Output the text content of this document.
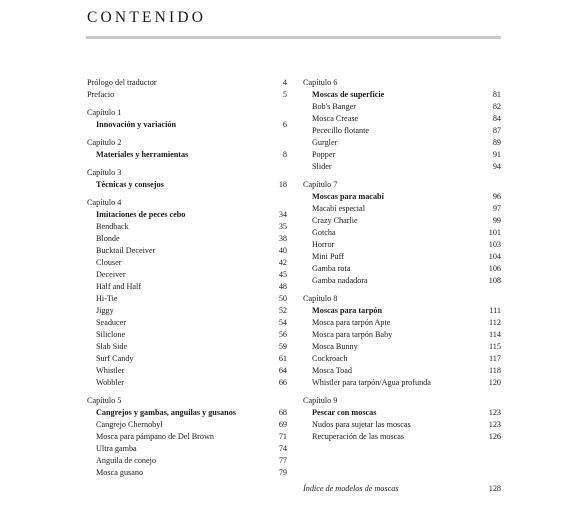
CONTENIDO
Prólogo del traductor	4
Prefacio	5
Capítulo 1
Innovación y variación	6
Capítulo 2
Materiales y herramientas	8
Capítulo 3
Técnicas y consejos	18
Capítulo 4
Imitaciones de peces cebo	34
Bendback	35
Blonde	38
Bucktail Deceiver	40
Clouser	42
Deceiver	45
Half and Half	48
Hi-Tie	50
Jiggy	52
Seaducer	54
Siliclone	56
Slab Side	59
Surf Candy	61
Whistler	64
Wobbler	66
Capítulo 5
Cangrejos y gambas, anguilas y gusanos	68
Cangrejo Chernobyl	69
Mosca para pámpano de Del Brown	71
Ultra gamba	74
Anguila de conejo	77
Mosca gusano	79
Capítulo 6
Moscas de superficie	81
Bob's Banger	82
Mosca Crease	84
Pececillo flotante	87
Gurgler	89
Popper	91
Slider	94
Capítulo 7
Moscas para macabí	96
Macabí especial	97
Crazy Charlie	99
Gotcha	101
Horror	103
Mini Puff	104
Gamba rota	106
Gamba nadadora	108
Capítulo 8
Moscas para tarpón	111
Mosca para tarpón Apte	112
Mosca para tarpón Baby	114
Mosca Bunny	115
Cockroach	117
Mosca Toad	118
Whistler para tarpón/Agua profunda	120
Capítulo 9
Pescar con moscas	123
Nudos para sujetar las moscas	123
Recuperación de las moscas	126
Índice de modelos de moscas	128
